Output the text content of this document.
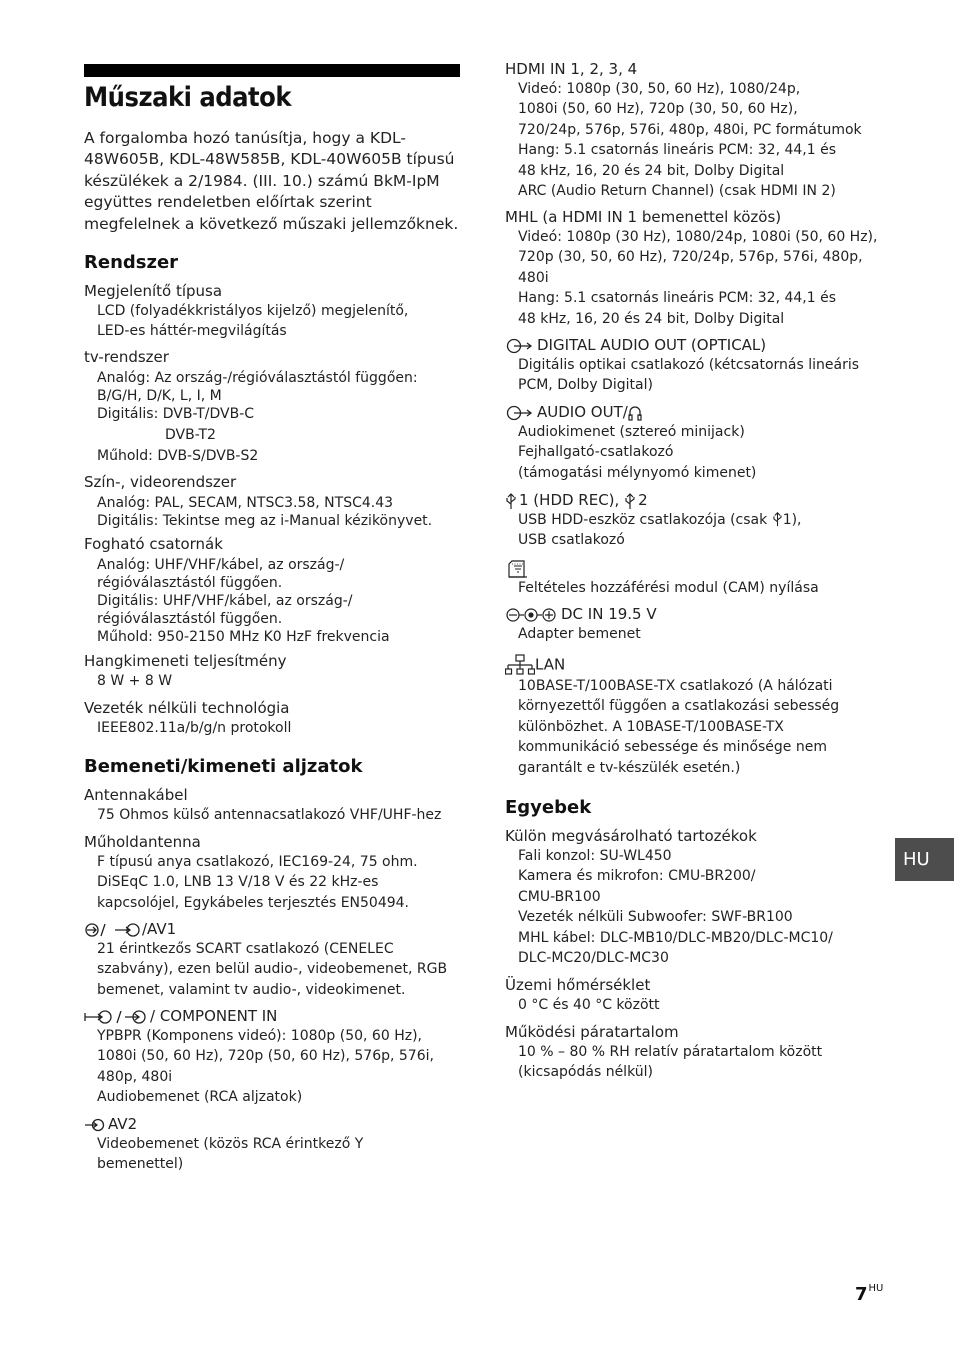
Műszaki adatok

A forgalomba hozó tanúsítja, hogy a KDL-48W605B, KDL-48W585B, KDL-40W605B típusú készülékek a 2/1984. (III. 10.) számú BkM-IpM együttes rendeletben előírtak szerint megfelelnek a következő műszaki jellemzőknek.

Rendszer
Megjelenítő típusa
LCD (folyadékkristályos kijelző) megjelenítő,
LED-es háttér-megvilágítás
tv-rendszer
Analóg: Az ország-/régióválasztástól függően:
B/G/H, D/K, L, I, M
Digitális: DVB-T/DVB-C
DVB-T2
Műhold: DVB-S/DVB-S2
Szín-, videorendszer
Analóg: PAL, SECAM, NTSC3.58, NTSC4.43
Digitális: Tekintse meg az i-Manual kézikönyvet.
Fogható csatornák
Analóg: UHF/VHF/kábel, az ország-/
régióválasztástól függően.
Digitális: UHF/VHF/kábel, az ország-/
régióválasztástól függően.
Műhold: 950-2150 MHz K0 HzF frekvencia
Hangkimeneti teljesítmény
8 W + 8 W
Vezeték nélküli technológia
IEEE802.11a/b/g/n protokoll
Bemeneti/kimeneti aljzatok
Antennakábel
75 Ohmos külső antennacsatlakozó VHF/UHF-hez
Műholdantenna
F típusú anya csatlakozó, IEC169-24, 75 ohm.
DiSEqC 1.0, LNB 13 V/18 V és 22 kHz-es
kapcsolójel, Egykábeles terjesztés EN50494.
/AV1
21 érintkezős SCART csatlakozó (CENELEC
szabvány), ezen belül audio-, videobemenet, RGB
bemenet, valamint tv audio-, videokimenet.
/ COMPONENT IN
YPBPR (Komponens videó): 1080p (50, 60 Hz),
1080i (50, 60 Hz), 720p (50, 60 Hz), 576p, 576i,
480p, 480i
Audiobemenet (RCA aljzatok)
AV2
Videobemenet (közös RCA érintkező Y
bemenettel)
HDMI IN 1, 2, 3, 4
Videó: 1080p (30, 50, 60 Hz), 1080/24p,
1080i (50, 60 Hz), 720p (30, 50, 60 Hz),
720/24p, 576p, 576i, 480p, 480i, PC formátumok
Hang: 5.1 csatornás lineáris PCM: 32, 44,1 és
48 kHz, 16, 20 és 24 bit, Dolby Digital
ARC (Audio Return Channel) (csak HDMI IN 2)
MHL (a HDMI IN 1 bemenettel közös)
Videó: 1080p (30 Hz), 1080/24p, 1080i (50, 60 Hz),
720p (30, 50, 60 Hz), 720/24p, 576p, 576i, 480p,
480i
Hang: 5.1 csatornás lineáris PCM: 32, 44,1 és
48 kHz, 16, 20 és 24 bit, Dolby Digital
DIGITAL AUDIO OUT (OPTICAL)
Digitális optikai csatlakozó (kétcsatornás lineáris
PCM, Dolby Digital)
AUDIO OUT/
Audiokimenet (sztereó minijack)
Fejhallgató-csatlakozó
(támogatási mélynyomó kimenet)
1 (HDD REC),
2
USB HDD-eszköz csatlakozója (csak
1),
USB csatlakozó
Feltételes hozzáférési modul (CAM) nyílása
DC IN 19.5 V
Adapter bemenet
LAN
10BASE-T/100BASE-TX csatlakozó (A hálózati
környezettől függően a csatlakozási sebesség
különbözhet. A 10BASE-T/100BASE-TX
kommunikáció sebessége és minősége nem
garantált e tv-készülék esetén.)
Egyebek
Külön megvásárolható tartozékok
Fali konzol: SU-WL450
Kamera és mikrofon: CMU-BR200/
CMU-BR100
Vezeték nélküli Subwoofer: SWF-BR100
MHL kábel: DLC-MB10/DLC-MB20/DLC-MC10/
DLC-MC20/DLC-MC30
Üzemi hőmérséklet
0 °C és 40 °C között
Működési páratartalom
10 % – 80 % RH relatív páratartalom között
(kicsapódás nélkül)
HU
$7^{HU}$
